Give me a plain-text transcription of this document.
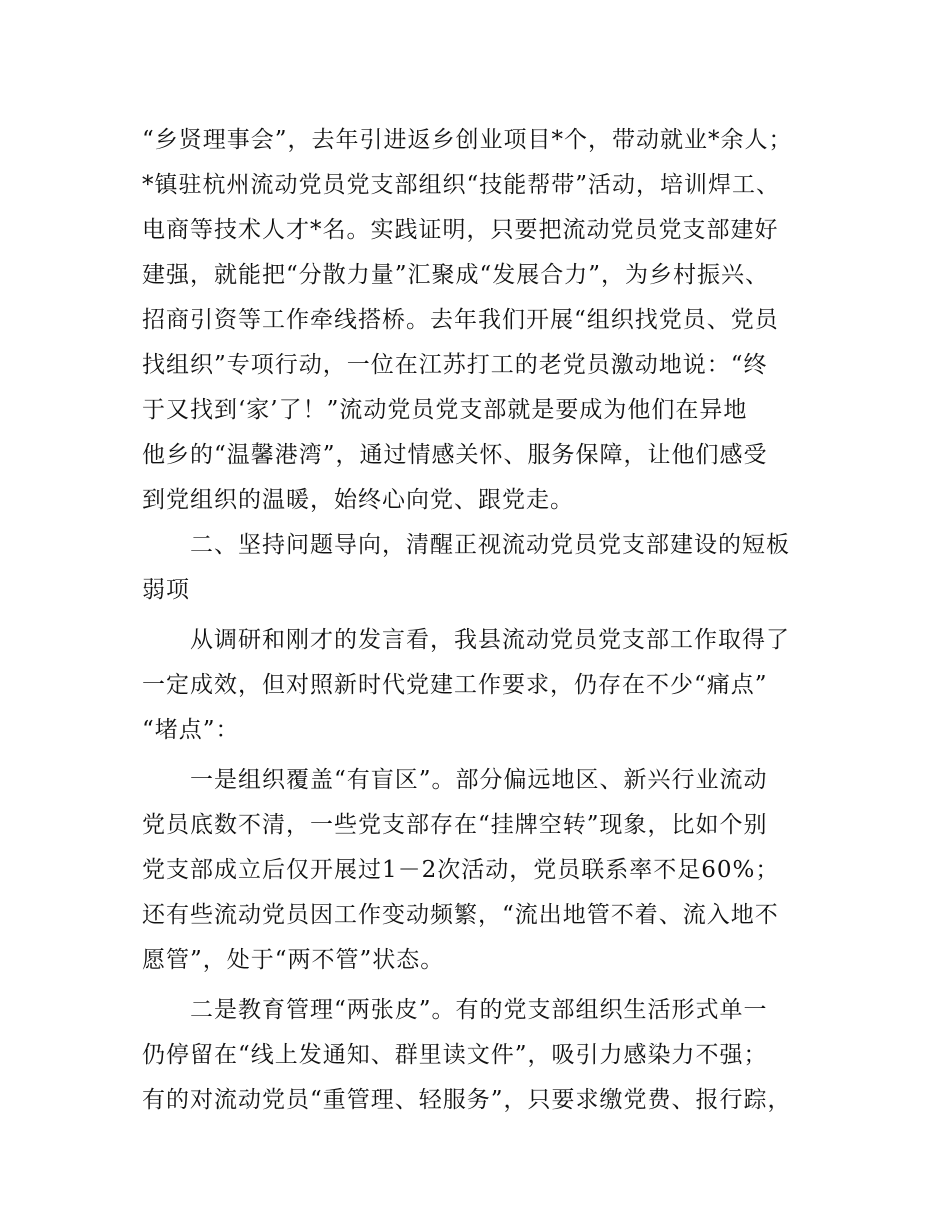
“乡贤理事会”，去年引进返乡创业项目*个，带动就业*余人；
*镇驻杭州流动党员党支部组织“技能帮带”活动，培训焊工、
电商等技术人才*名。实践证明，只要把流动党员党支部建好
建强，就能把“分散力量”汇聚成“发展合力”，为乡村振兴、
招商引资等工作牵线搭桥。去年我们开展“组织找党员、党员
找组织”专项行动，一位在江苏打工的老党员激动地说：“终
于又找到‘家’了！”流动党员党支部就是要成为他们在异地
他乡的“温馨港湾”，通过情感关怀、服务保障，让他们感受
到党组织的温暖，始终心向党、跟党走。
二、坚持问题导向，清醒正视流动党员党支部建设的短板
弱项
从调研和刚才的发言看，我县流动党员党支部工作取得了
一定成效，但对照新时代党建工作要求，仍存在不少“痛点”
“堵点”：
一是组织覆盖“有盲区”。部分偏远地区、新兴行业流动
党员底数不清，一些党支部存在“挂牌空转”现象，比如个别
党支部成立后仅开展过1－2次活动，党员联系率不足60%；
还有些流动党员因工作变动频繁，“流出地管不着、流入地不
愿管”，处于“两不管”状态。
二是教育管理“两张皮”。有的党支部组织生活形式单一
仍停留在“线上发通知、群里读文件”，吸引力感染力不强；
有的对流动党员“重管理、轻服务”，只要求缴党费、报行踪，
